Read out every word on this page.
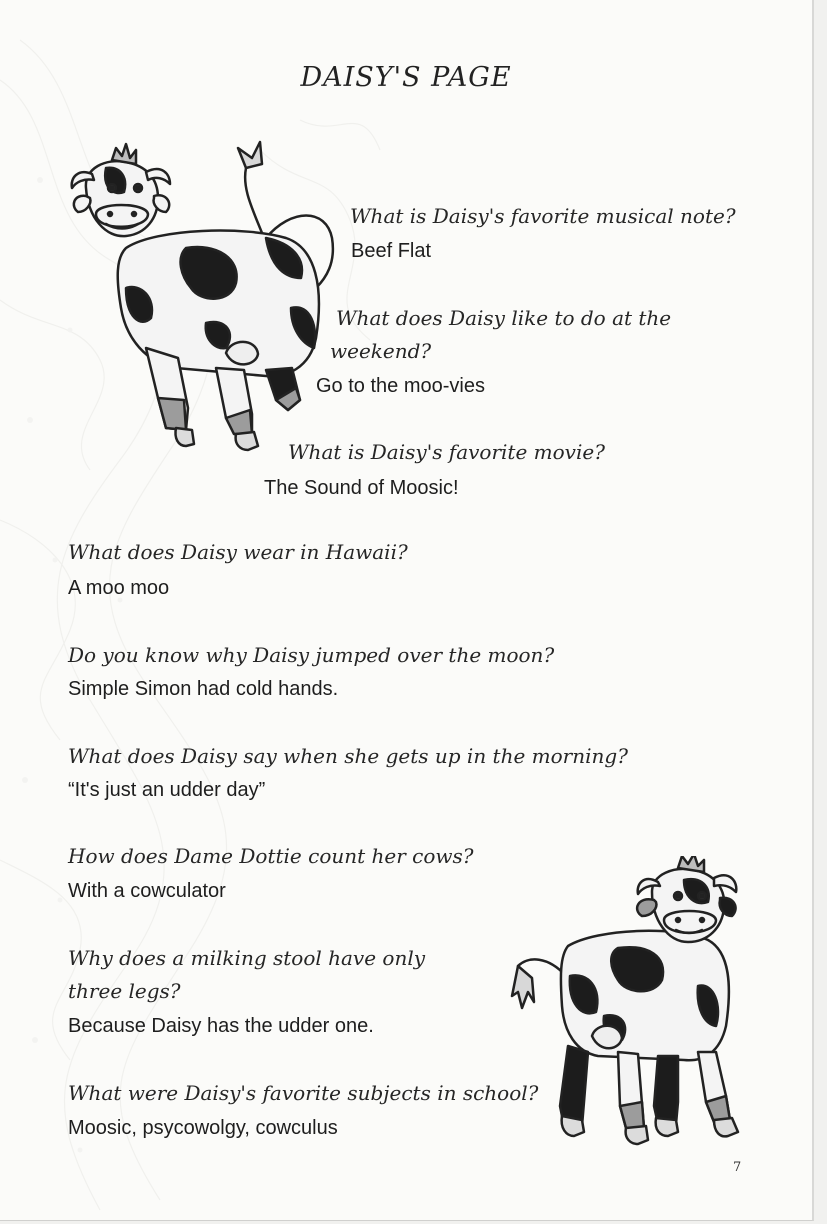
DAISY'S PAGE
What is Daisy's favorite musical note?
Beef Flat
What does Daisy like to do at the
weekend?
Go to the moo-vies
What is Daisy's favorite movie?
The Sound of Moosic!
What does Daisy wear in Hawaii?
A moo moo
Do you know why Daisy jumped over the moon?
Simple Simon had cold hands.
What does Daisy say when she gets up in the morning?
“It's just an udder day”
How does Dame Dottie count her cows?
With a cowculator
Why does a milking stool have only
three legs?
Because Daisy has the udder one.
What were Daisy's favorite subjects in school?
Moosic, psycowolgy, cowculus
7
